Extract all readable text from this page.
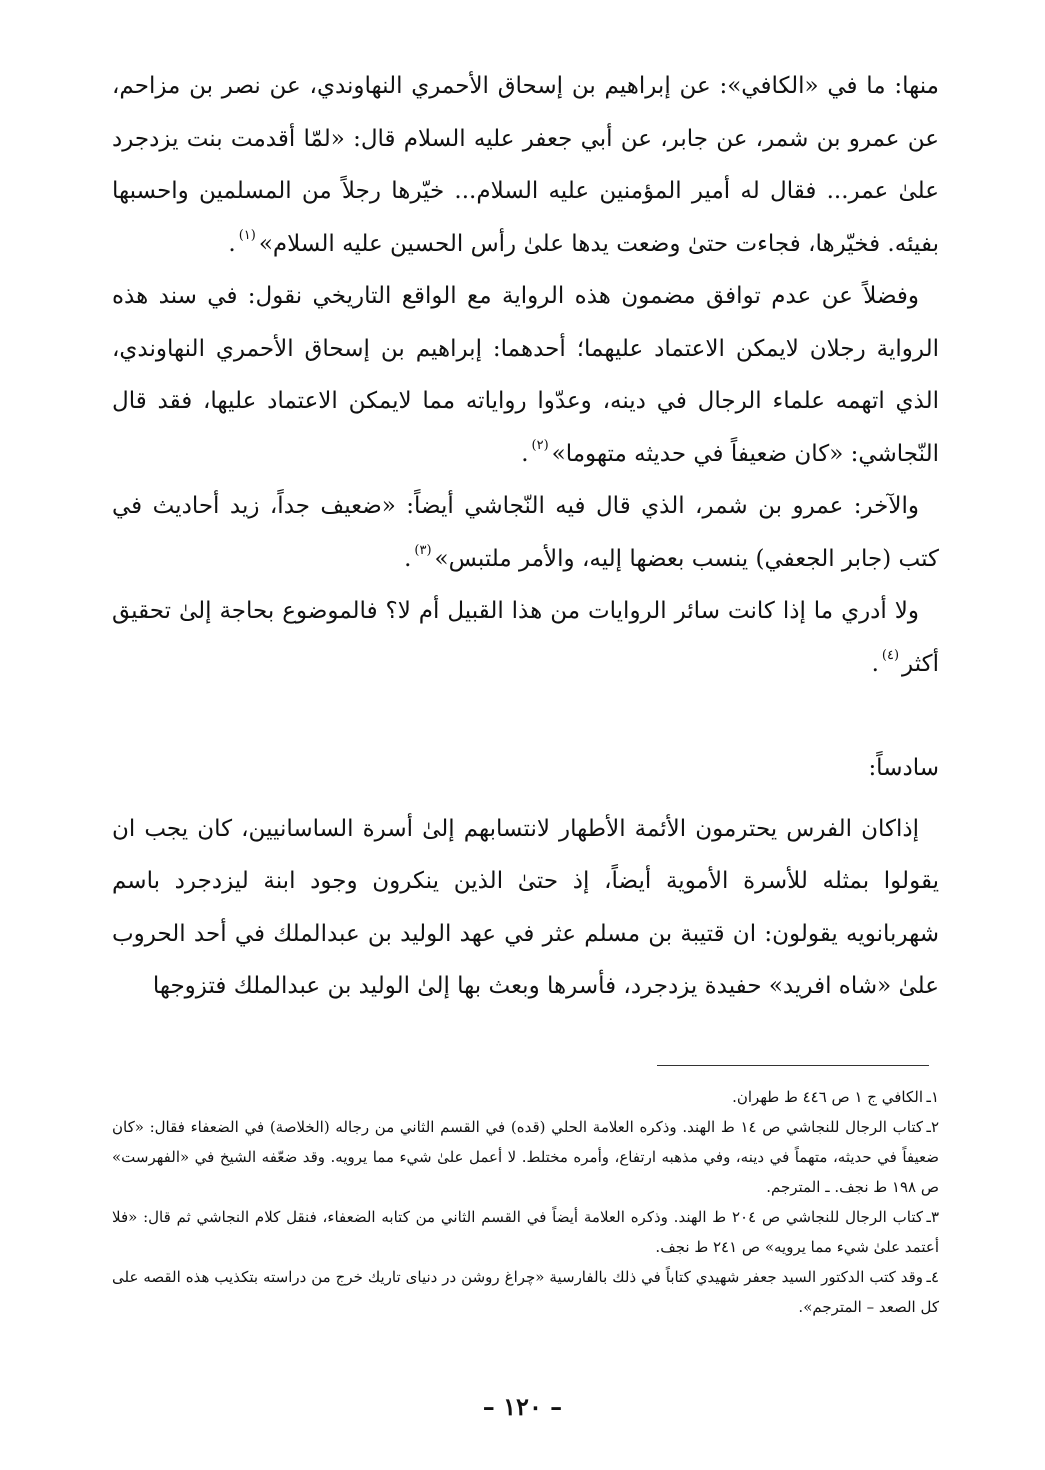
منها: ما في «الكافي»: عن إبراهيم بن إسحاق الأحمري النهاوندي، عن نصر بن مزاحم، عن عمرو بن شمر، عن جابر، عن أبي جعفر عليه السلام قال: «لمّا أقدمت بنت يزدجرد علىٰ عمر... فقال له أمير المؤمنين عليه السلام... خيّرها رجلاً من المسلمين واحسبها بفيئه. فخيّرها، فجاءت حتىٰ وضعت يدها علىٰ رأس الحسين عليه السلام»$^{(١)}$.

وفضلاً عن عدم توافق مضمون هذه الرواية مع الواقع التاريخي نقول: في سند هذه الرواية رجلان لايمكن الاعتماد عليهما؛ أحدهما: إبراهيم بن إسحاق الأحمري النهاوندي، الذي اتهمه علماء الرجال في دينه، وعدّوا رواياته مما لايمكن الاعتماد عليها، فقد قال النّجاشي: «كان ضعيفاً في حديثه متهوما»$^{(٢)}$.

والآخر: عمرو بن شمر، الذي قال فيه النّجاشي أيضاً: «ضعيف جداً، زيد أحاديث في كتب (جابر الجعفي) ينسب بعضها إليه، والأمر ملتبس»$^{(٣)}$.

ولا أدري ما إذا كانت سائر الروايات من هذا القبيل أم لا؟ فالموضوع بحاجة إلىٰ تحقيق أكثر$^{(٤)}$.

سادساً:

إذاكان الفرس يحترمون الأئمة الأطهار لانتسابهم إلىٰ أسرة الساسانيين، كان يجب ان يقولوا بمثله للأسرة الأموية أيضاً، إذ حتىٰ الذين ينكرون وجود ابنة ليزدجرد باسم شهربانويه يقولون: ان قتيبة بن مسلم عثر في عهد الوليد بن عبدالملك في أحد الحروب علىٰ «شاه افريد» حفيدة يزدجرد، فأسرها وبعث بها إلىٰ الوليد بن عبدالملك فتزوجها

١ـالكافي ج ١ ص ٤٤٦ ط طهران.

٢ـكتاب الرجال للنجاشي ص ١٤ ط الهند. وذكره العلامة الحلي (قده) في القسم الثاني من رجاله (الخلاصة) في الضعفاء فقال: «كان ضعيفاً في حديثه، متهماً في دينه، وفي مذهبه ارتفاع، وأمره مختلط. لا أعمل علىٰ شيء مما يرويه. وقد ضعّفه الشيخ في «الفهرست» ص ١٩٨ ط نجف. ـ المترجم.

٣ـكتاب الرجال للنجاشي ص ٢٠٤ ط الهند. وذكره العلامة أيضاً في القسم الثاني من كتابه الضعفاء، فنقل كلام النجاشي ثم قال: «فلا أعتمد علىٰ شيء مما يرويه» ص ٢٤١ ط نجف.

٤ـوقد كتب الدكتور السيد جعفر شهيدي كتاباً في ذلك بالفارسية «چراغ روشن در دنياى تاريك خرج من دراسته بتكذيب هذه القصه على كل الصعد – المترجم».

– ١٢٠ –
